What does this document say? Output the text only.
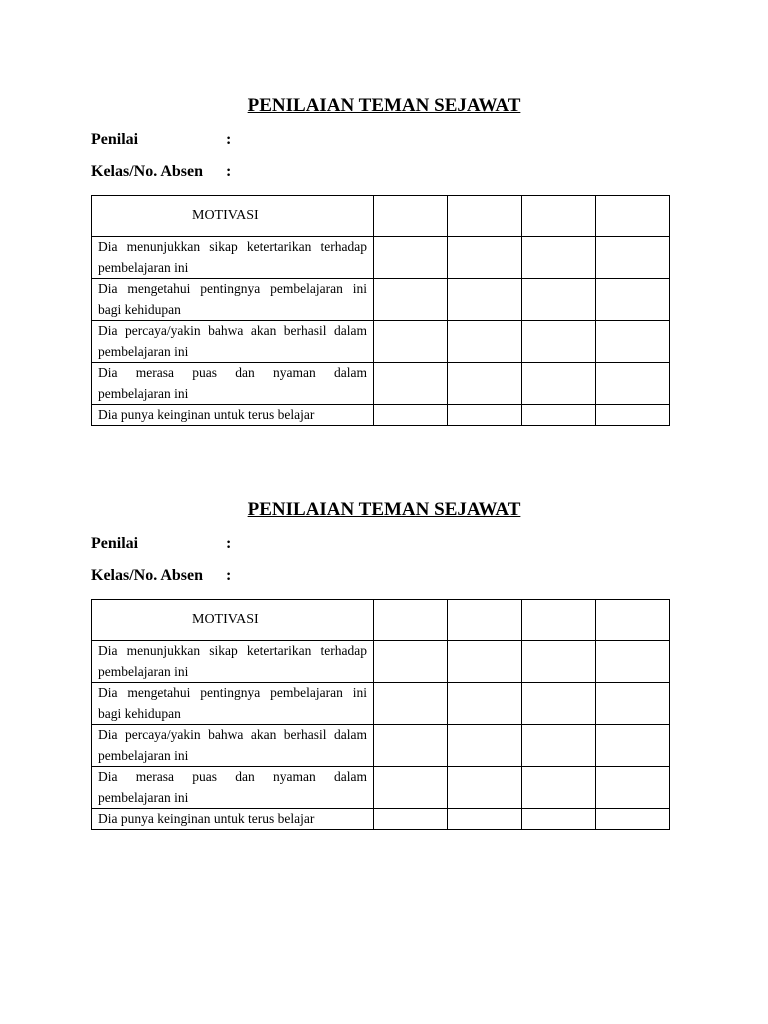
PENILAIAN TEMAN SEJAWAT
Penilai	:
Kelas/No. Absen :
MOTIVASI				
Dia menunjukkan sikap ketertarikan terhadap pembelajaran ini				
Dia mengetahui pentingnya pembelajaran ini bagi kehidupan				
Dia percaya/yakin bahwa akan berhasil dalam pembelajaran ini				
Dia merasa puas dan nyaman dalam pembelajaran ini				
Dia punya keinginan untuk terus belajar				
PENILAIAN TEMAN SEJAWAT
Penilai	:
Kelas/No. Absen :
MOTIVASI				
Dia menunjukkan sikap ketertarikan terhadap pembelajaran ini				
Dia mengetahui pentingnya pembelajaran ini bagi kehidupan				
Dia percaya/yakin bahwa akan berhasil dalam pembelajaran ini				
Dia merasa puas dan nyaman dalam pembelajaran ini				
Dia punya keinginan untuk terus belajar				
